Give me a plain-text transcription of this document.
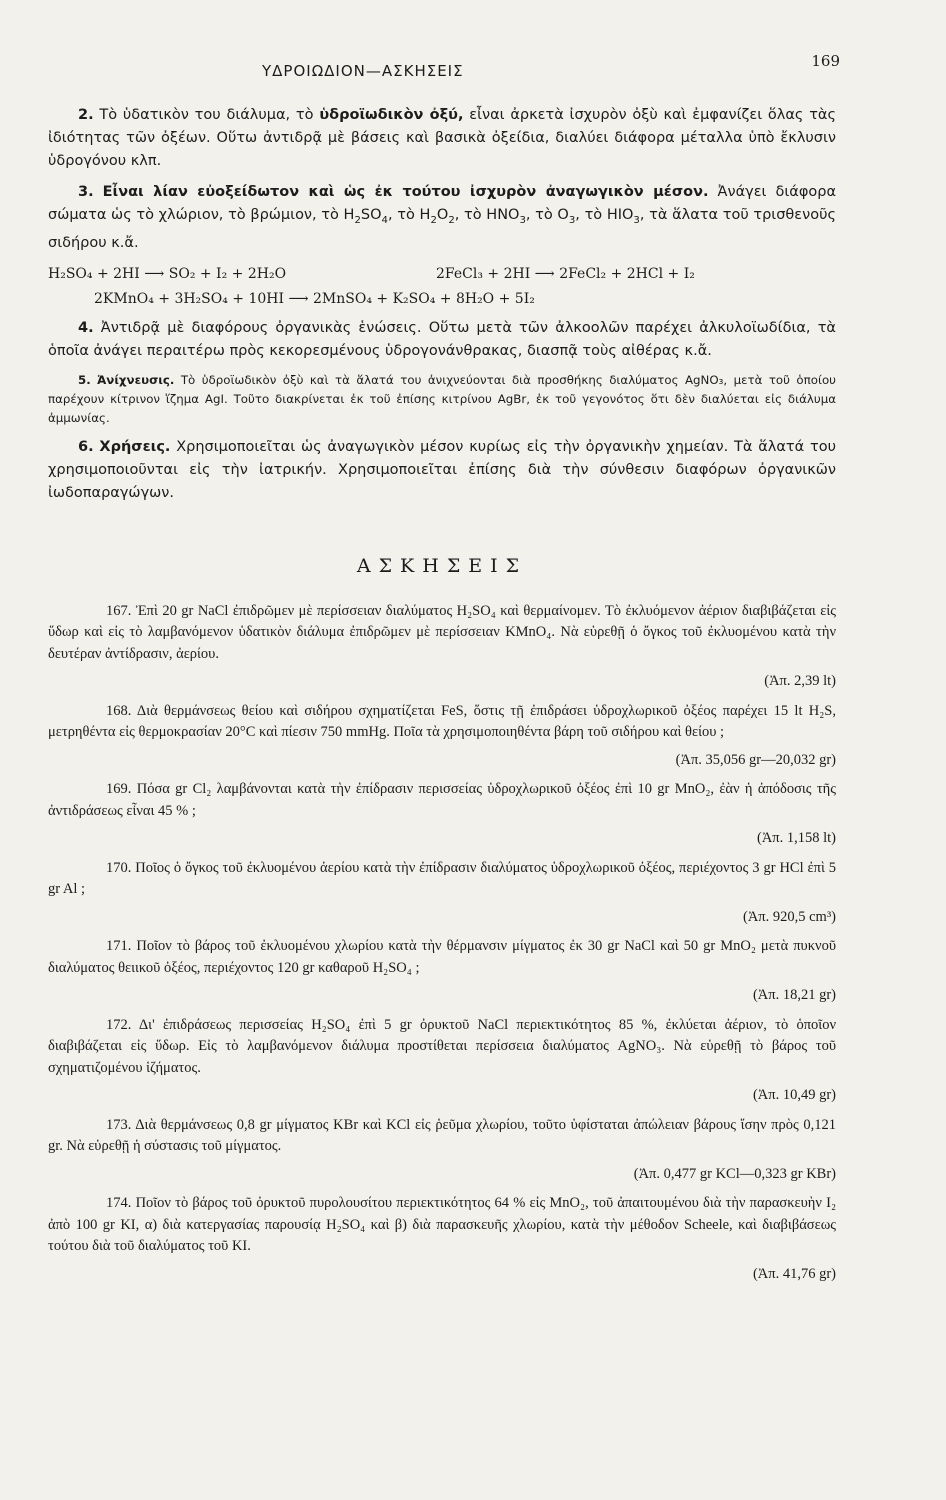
ΥΔΡΟΙΩΔΙΟΝ—ΑΣΚΗΣΕΙΣ
169

2. Τὸ ὑδατικὸν του διάλυμα, τὸ ὑδροϊωδικὸν ὀξύ, εἶναι ἀρκετὰ ἰσχυρὸν ὀξὺ καὶ ἐμφανίζει ὅλας τὰς ἰδιότητας τῶν ὀξέων. Οὕτω ἀντιδρᾷ μὲ βάσεις καὶ βασικὰ ὀξείδια, διαλύει διάφορα μέταλλα ὑπὸ ἔκλυσιν ὑδρογόνου κλπ.

3. Εἶναι λίαν εὐοξείδωτον καὶ ὡς ἐκ τούτου ἰσχυρὸν ἀναγωγικὸν μέσον. Ἀνάγει διάφορα σώματα ὡς τὸ χλώριον, τὸ βρώμιον, τὸ $H_2SO_4$, τὸ $H_2O_2$, τὸ $HNO_3$, τὸ $O_3$, τὸ $HIO_3$, τὰ ἅλατα τοῦ τρισθενοῦς σιδήρου κ.ἄ.

H₂SO₄ + 2HI ⟶ SO₂ + I₂ + 2H₂O	2FeCl₃ + 2HI ⟶ 2FeCl₂ + 2HCl + I₂
2KMnO₄ + 3H₂SO₄ + 10HI ⟶ 2MnSO₄ + K₂SO₄ + 8H₂O + 5I₂

4. Ἀντιδρᾷ μὲ διαφόρους ὀργανικὰς ἑνώσεις. Οὕτω μετὰ τῶν ἀλκοολῶν παρέχει ἀλκυλοϊωδίδια, τὰ ὁποῖα ἀνάγει περαιτέρω πρὸς κεκορεσμένους ὑδρογονάνθρακας, διασπᾷ τοὺς αἰθέρας κ.ἄ.

5. Ἀνίχνευσις. Τὸ ὑδροϊωδικὸν ὀξὺ καὶ τὰ ἅλατά του ἀνιχνεύονται διὰ προσθήκης διαλύματος AgNO₃, μετὰ τοῦ ὁποίου παρέχουν κίτρινον ἵζημα AgI. Τοῦτο διακρίνεται ἐκ τοῦ ἐπίσης κιτρίνου AgBr, ἐκ τοῦ γεγονότος ὅτι δὲν διαλύεται εἰς διάλυμα ἀμμωνίας.

6. Χρήσεις. Χρησιμοποιεῖται ὡς ἀναγωγικὸν μέσον κυρίως εἰς τὴν ὀργανικὴν χημείαν. Τὰ ἅλατά του χρησιμοποιοῦνται εἰς τὴν ἰατρικήν. Χρησιμοποιεῖται ἐπίσης διὰ τὴν σύνθεσιν διαφόρων ὀργανικῶν ἰωδοπαραγώγων.

ΑΣΚΗΣΕΙΣ

167. Ἐπὶ 20 gr NaCl ἐπιδρῶμεν μὲ περίσσειαν διαλύματος H₂SO₄ καὶ θερμαίνομεν. Τὸ ἐκλυόμενον ἀέριον διαβιβάζεται εἰς ὕδωρ καὶ εἰς τὸ λαμβανόμενον ὑδατικὸν διάλυμα ἐπιδρῶμεν μὲ περίσσειαν KMnO₄. Νὰ εὑρεθῇ ὁ ὄγκος τοῦ ἐκλυομένου κατὰ τὴν δευτέραν ἀντίδρασιν, ἀερίου.

(Ἀπ. 2,39 lt)

168. Διὰ θερμάνσεως θείου καὶ σιδήρου σχηματίζεται FeS, ὅστις τῇ ἐπιδράσει ὑδροχλωρικοῦ ὀξέος παρέχει 15 lt H₂S, μετρηθέντα εἰς θερμοκρασίαν 20°C καὶ πίεσιν 750 mmHg. Ποῖα τὰ χρησιμοποιηθέντα βάρη τοῦ σιδήρου καὶ θείου ;

(Ἀπ. 35,056 gr—20,032 gr)

169. Πόσα gr Cl₂ λαμβάνονται κατὰ τὴν ἐπίδρασιν περισσείας ὑδροχλωρικοῦ ὀξέος ἐπὶ 10 gr MnO₂, ἐὰν ἡ ἀπόδοσις τῆς ἀντιδράσεως εἶναι 45 % ;

(Ἀπ. 1,158 lt)

170. Ποῖος ὁ ὄγκος τοῦ ἐκλυομένου ἀερίου κατὰ τὴν ἐπίδρασιν διαλύματος ὑδροχλωρικοῦ ὀξέος, περιέχοντος 3 gr HCl ἐπὶ 5 gr Al ;

(Ἀπ. 920,5 cm³)

171. Ποῖον τὸ βάρος τοῦ ἐκλυομένου χλωρίου κατὰ τὴν θέρμανσιν μίγματος ἐκ 30 gr NaCl καὶ 50 gr MnO₂ μετὰ πυκνοῦ διαλύματος θειικοῦ ὀξέος, περιέχοντος 120 gr καθαροῦ H₂SO₄ ;

(Ἀπ. 18,21 gr)

172. Δι' ἐπιδράσεως περισσείας H₂SO₄ ἐπὶ 5 gr ὀρυκτοῦ NaCl περιεκτικότητος 85 %, ἐκλύεται ἀέριον, τὸ ὁποῖον διαβιβάζεται εἰς ὕδωρ. Εἰς τὸ λαμβανόμενον διάλυμα προστίθεται περίσσεια διαλύματος AgNO₃. Νὰ εὑρεθῇ τὸ βάρος τοῦ σχηματιζομένου ἱζήματος.

(Ἀπ. 10,49 gr)

173. Διὰ θερμάνσεως 0,8 gr μίγματος KBr καὶ KCl εἰς ῥεῦμα χλωρίου, τοῦτο ὑφίσταται ἀπώλειαν βάρους ἴσην πρὸς 0,121 gr. Νὰ εὑρεθῇ ἡ σύστασις τοῦ μίγματος.

(Ἀπ. 0,477 gr KCl—0,323 gr KBr)

174. Ποῖον τὸ βάρος τοῦ ὀρυκτοῦ πυρολουσίτου περιεκτικότητος 64 % εἰς MnO₂, τοῦ ἀπαιτουμένου διὰ τὴν παρασκευὴν I₂ ἀπὸ 100 gr KI, α) διὰ κατεργασίας παρουσίᾳ H₂SO₄ καὶ β) διὰ παρασκευῆς χλωρίου, κατὰ τὴν μέθοδον Scheele, καὶ διαβιβάσεως τούτου διὰ τοῦ διαλύματος τοῦ KI.

(Ἀπ. 41,76 gr)
